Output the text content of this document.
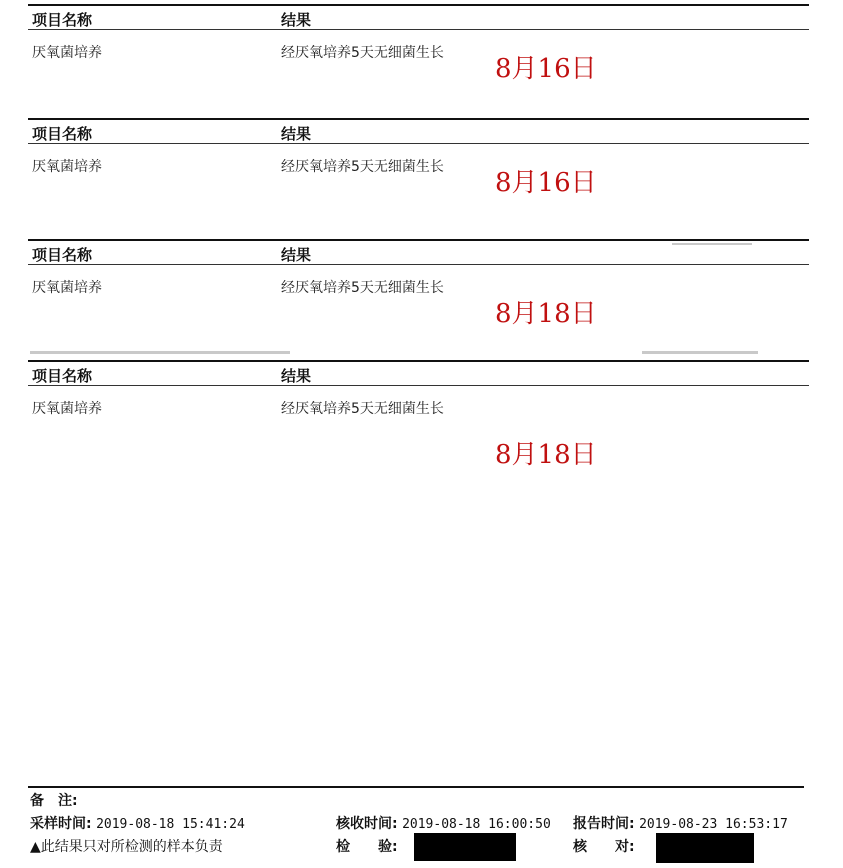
项目名称	结果
厌氧菌培养	经厌氧培养5天无细菌生长
8月16日
项目名称	结果
厌氧菌培养	经厌氧培养5天无细菌生长
8月16日
项目名称	结果
厌氧菌培养	经厌氧培养5天无细菌生长
8月18日
项目名称	结果
厌氧菌培养	经厌氧培养5天无细菌生长
8月18日
备　注:
采样时间: 2019-08-18 15:41:24	核收时间: 2019-08-18 16:00:50 报告时间: 2019-08-23 16:53:17
▲此结果只对所检测的样本负责	检　　验:	核　　对:
